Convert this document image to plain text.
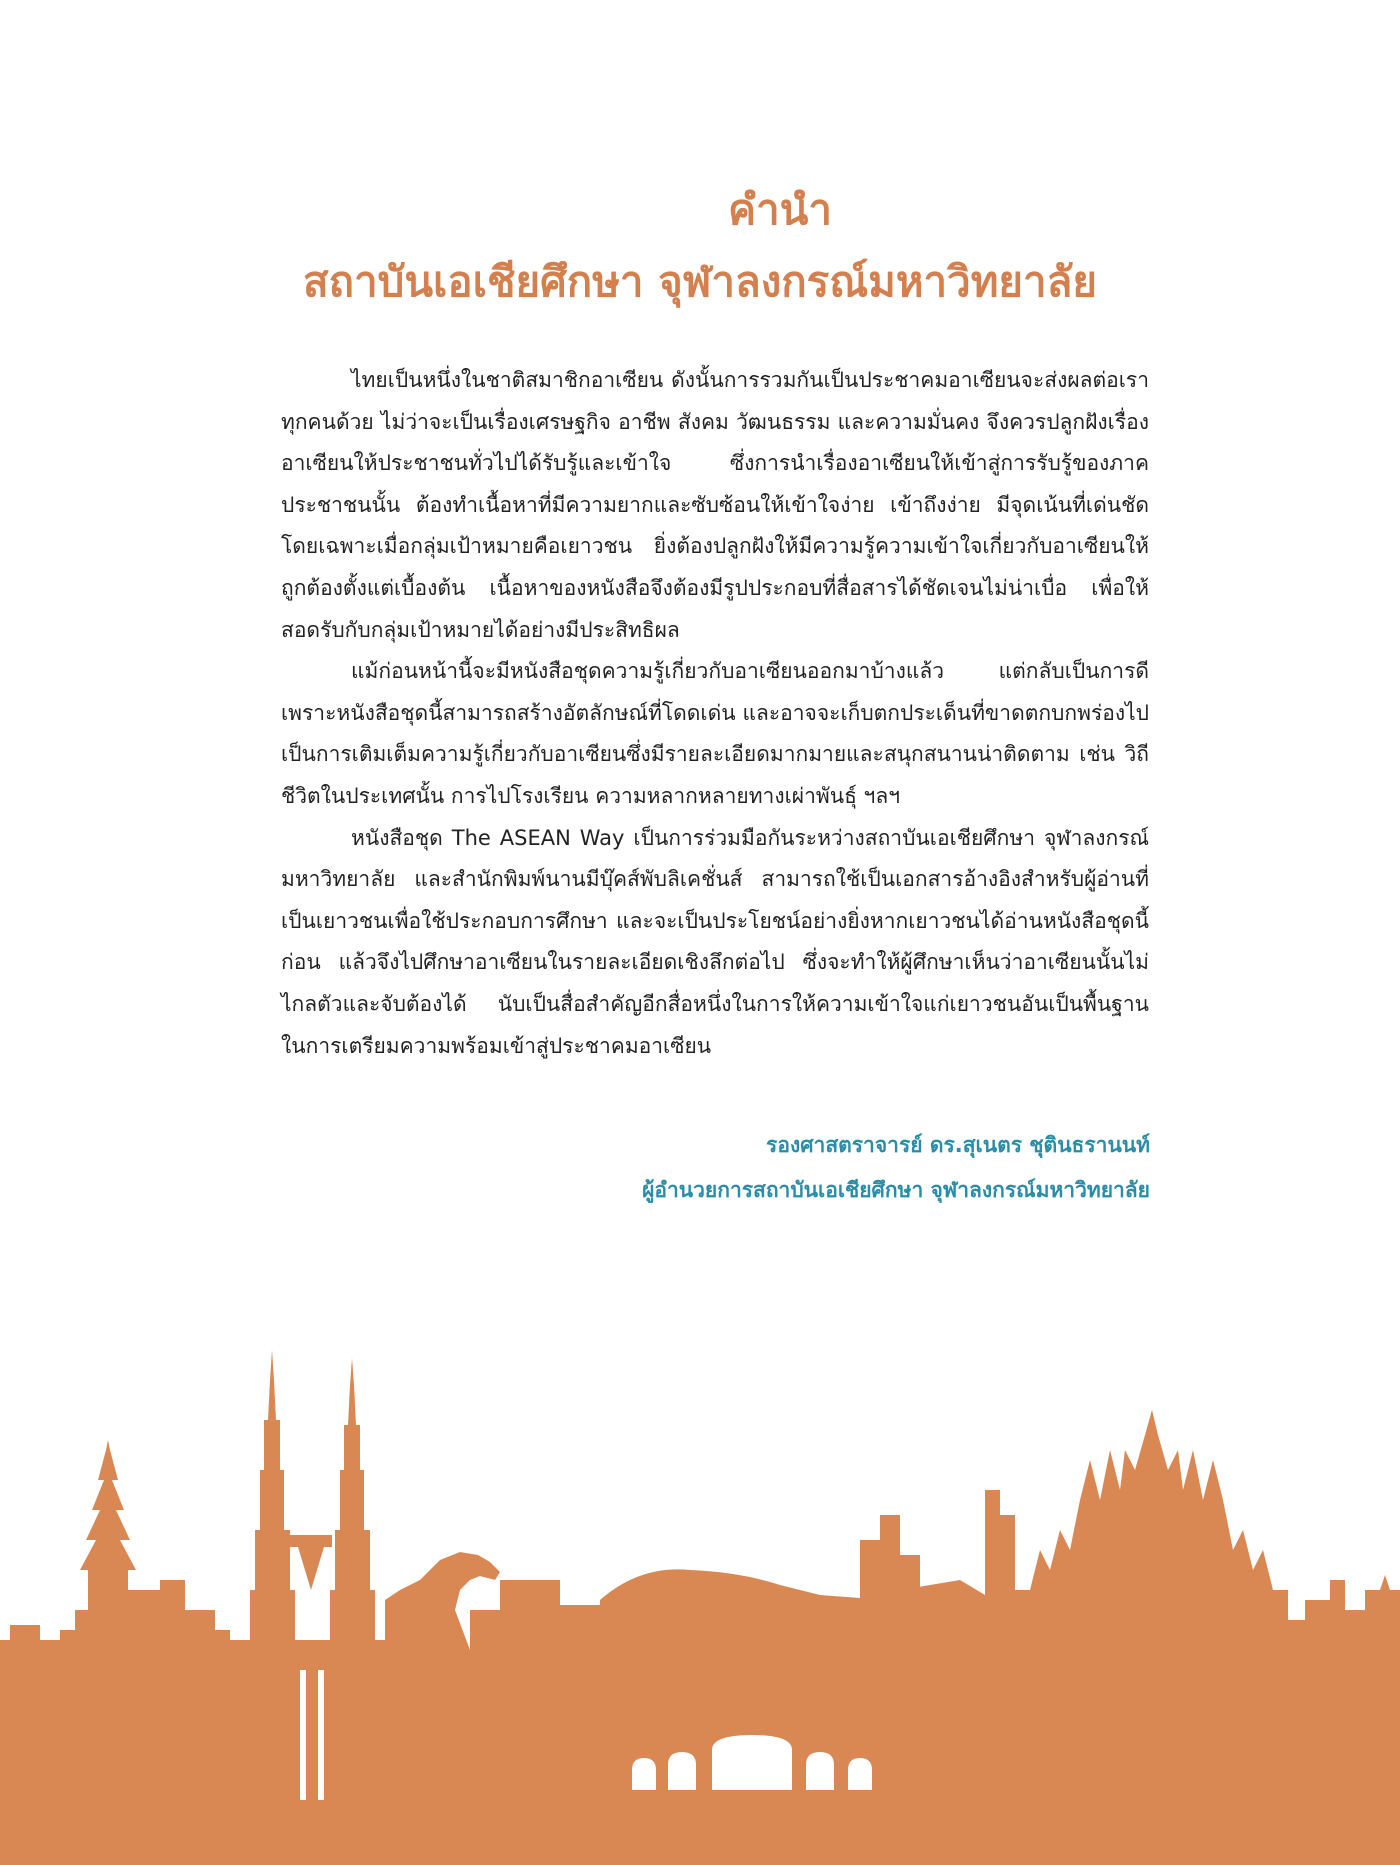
คำนำ
สถาบันเอเชียศึกษา จุฬาลงกรณ์มหาวิทยาลัย

ไทยเป็นหนึ่งในชาติสมาชิกอาเซียน ดังนั้นการรวมกันเป็นประชาคมอาเซียนจะส่งผลต่อเราทุกคนด้วย ไม่ว่าจะเป็นเรื่องเศรษฐกิจ อาชีพ สังคม วัฒนธรรม และความมั่นคง จึงควรปลูกฝังเรื่องอาเซียนให้ประชาชนทั่วไปได้รับรู้และเข้าใจ ซึ่งการนำเรื่องอาเซียนให้เข้าสู่การรับรู้ของภาคประชาชนนั้น ต้องทำเนื้อหาที่มีความยากและซับซ้อนให้เข้าใจง่าย เข้าถึงง่าย มีจุดเน้นที่เด่นชัด โดยเฉพาะเมื่อกลุ่มเป้าหมายคือเยาวชน ยิ่งต้องปลูกฝังให้มีความรู้ความเข้าใจเกี่ยวกับอาเซียนให้ถูกต้องตั้งแต่เบื้องต้น เนื้อหาของหนังสือจึงต้องมีรูปประกอบที่สื่อสารได้ชัดเจนไม่น่าเบื่อ เพื่อให้สอดรับกับกลุ่มเป้าหมายได้อย่างมีประสิทธิผล

แม้ก่อนหน้านี้จะมีหนังสือชุดความรู้เกี่ยวกับอาเซียนออกมาบ้างแล้ว แต่กลับเป็นการดีเพราะหนังสือชุดนี้สามารถสร้างอัตลักษณ์ที่โดดเด่น และอาจจะเก็บตกประเด็นที่ขาดตกบกพร่องไป เป็นการเติมเต็มความรู้เกี่ยวกับอาเซียนซึ่งมีรายละเอียดมากมายและสนุกสนานน่าติดตาม เช่น วิถีชีวิตในประเทศนั้น การไปโรงเรียน ความหลากหลายทางเผ่าพันธุ์ ฯลฯ

หนังสือชุด The ASEAN Way เป็นการร่วมมือกันระหว่างสถาบันเอเชียศึกษา จุฬาลงกรณ์มหาวิทยาลัย และสำนักพิมพ์นานมีบุ๊คส์พับลิเคชั่นส์ สามารถใช้เป็นเอกสารอ้างอิงสำหรับผู้อ่านที่เป็นเยาวชนเพื่อใช้ประกอบการศึกษา และจะเป็นประโยชน์อย่างยิ่งหากเยาวชนได้อ่านหนังสือชุดนี้ก่อน แล้วจึงไปศึกษาอาเซียนในรายละเอียดเชิงลึกต่อไป ซึ่งจะทำให้ผู้ศึกษาเห็นว่าอาเซียนนั้นไม่ไกลตัวและจับต้องได้ นับเป็นสื่อสำคัญอีกสื่อหนึ่งในการให้ความเข้าใจแก่เยาวชนอันเป็นพื้นฐานในการเตรียมความพร้อมเข้าสู่ประชาคมอาเซียน

รองศาสตราจารย์ ดร.สุเนตร ชุตินธรานนท์
ผู้อำนวยการสถาบันเอเชียศึกษา จุฬาลงกรณ์มหาวิทยาลัย
